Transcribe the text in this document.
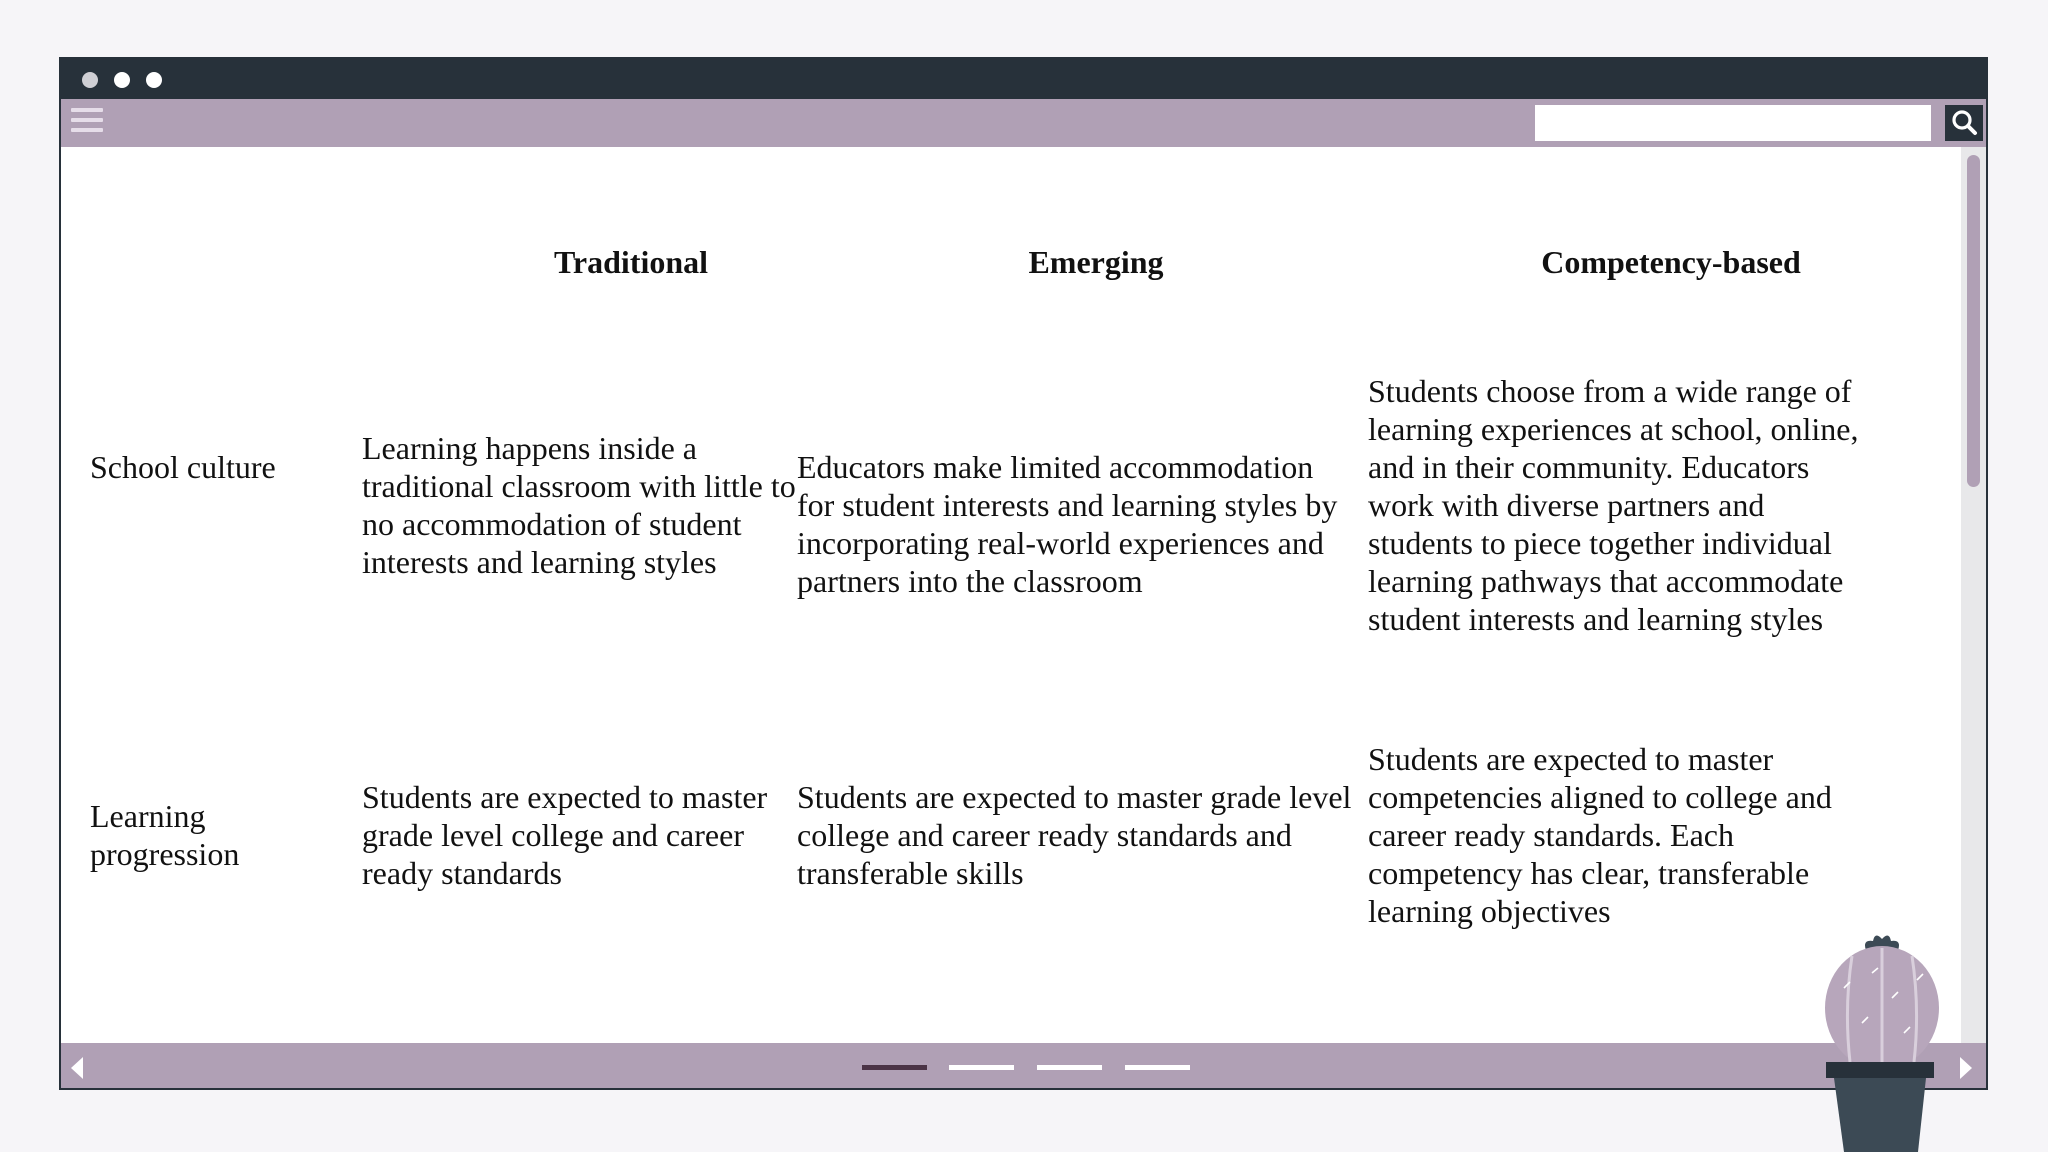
Traditional	Emerging	Competency-based
School culture
Learning happens inside a traditional classroom with little to no accommodation of student interests and learning styles
Educators make limited accommodation for student interests and learning styles by incorporating real-world experiences and partners into the classroom
Students choose from a wide range of learning experiences at school, online, and in their community. Educators work with diverse partners and students to piece together individual learning pathways that accommodate student interests and learning styles
Learning progression
Students are expected to master grade level college and career ready standards
Students are expected to master grade level college and career ready standards and transferable skills
Students are expected to master competencies aligned to college and career ready standards. Each competency has clear, transferable learning objectives
